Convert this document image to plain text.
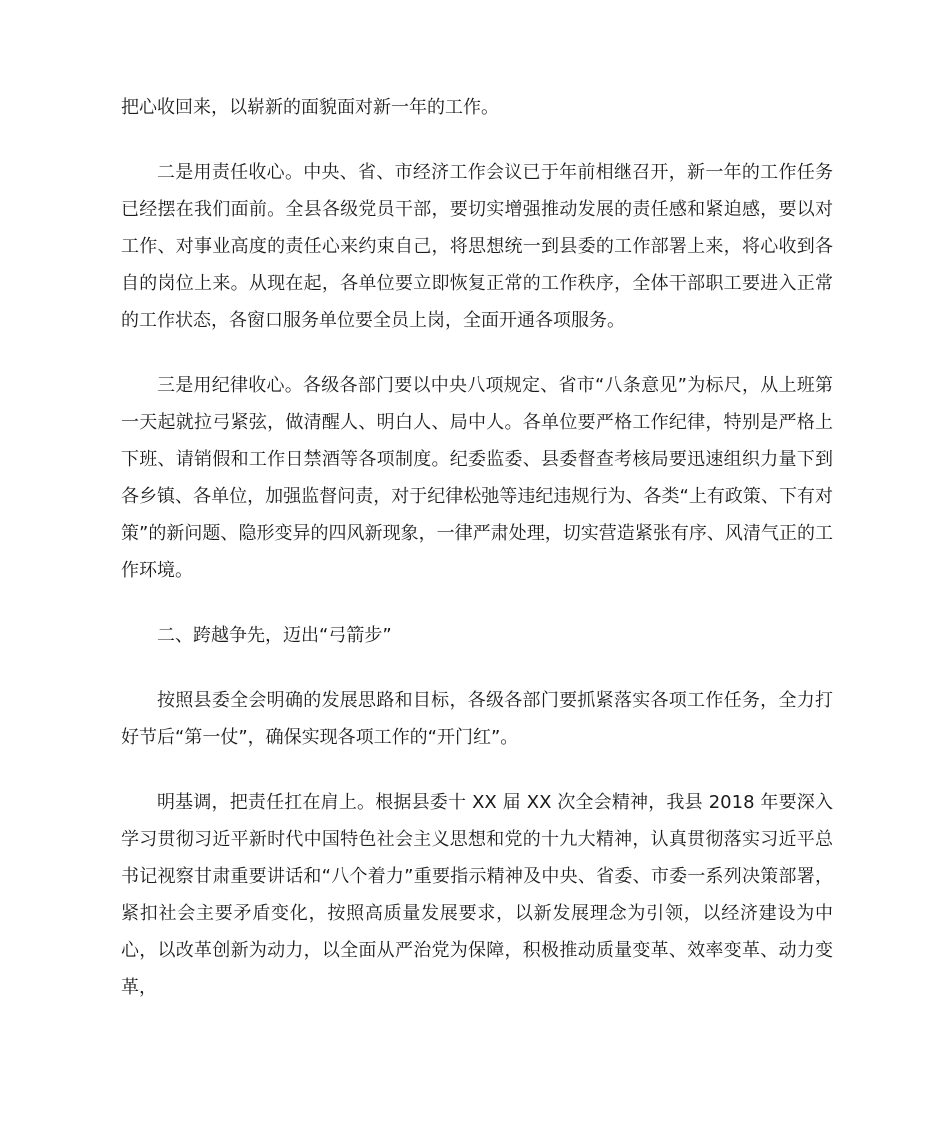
把心收回来，以崭新的面貌面对新一年的工作。

二是用责任收心。中央、省、市经济工作会议已于年前相继召开，新一年的工作任务已经摆在我们面前。全县各级党员干部，要切实增强推动发展的责任感和紧迫感，要以对工作、对事业高度的责任心来约束自己，将思想统一到县委的工作部署上来，将心收到各自的岗位上来。从现在起，各单位要立即恢复正常的工作秩序，全体干部职工要进入正常的工作状态，各窗口服务单位要全员上岗，全面开通各项服务。

三是用纪律收心。各级各部门要以中央八项规定、省市“八条意见”为标尺，从上班第一天起就拉弓紧弦，做清醒人、明白人、局中人。各单位要严格工作纪律，特别是严格上下班、请销假和工作日禁酒等各项制度。纪委监委、县委督查考核局要迅速组织力量下到各乡镇、各单位，加强监督问责，对于纪律松弛等违纪违规行为、各类“上有政策、下有对策”的新问题、隐形变异的四风新现象，一律严肃处理，切实营造紧张有序、风清气正的工作环境。

二、跨越争先，迈出“弓箭步”

按照县委全会明确的发展思路和目标，各级各部门要抓紧落实各项工作任务，全力打好节后“第一仗”，确保实现各项工作的“开门红”。

明基调，把责任扛在肩上。根据县委十 XX 届 XX 次全会精神，我县 2018 年要深入学习贯彻习近平新时代中国特色社会主义思想和党的十九大精神，认真贯彻落实习近平总书记视察甘肃重要讲话和“八个着力”重要指示精神及中央、省委、市委一系列决策部署，紧扣社会主要矛盾变化，按照高质量发展要求，以新发展理念为引领，以经济建设为中心，以改革创新为动力，以全面从严治党为保障，积极推动质量变革、效率变革、动力变革，
